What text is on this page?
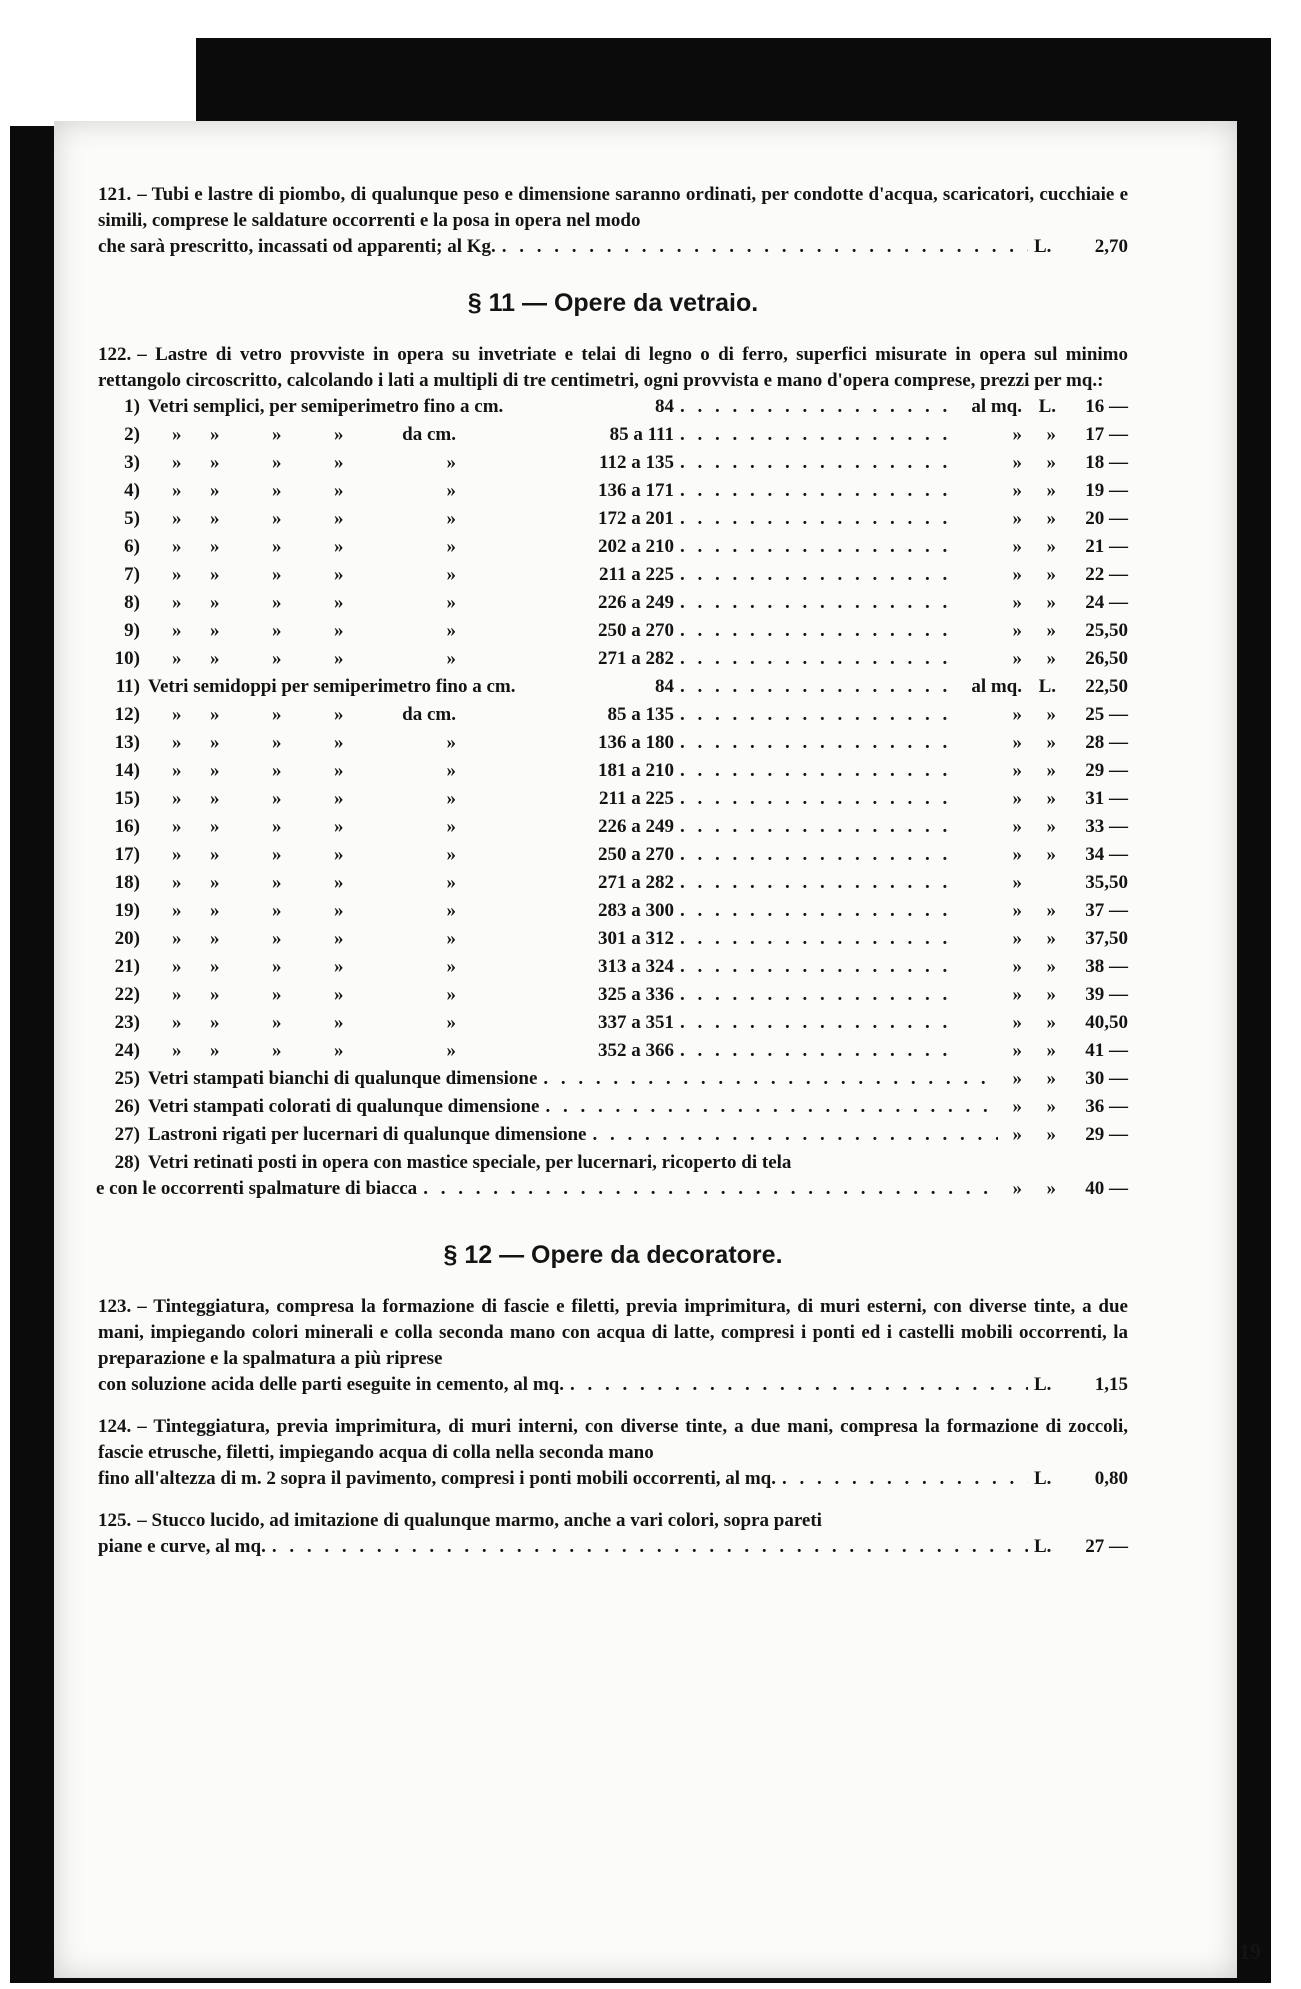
121. – Tubi e lastre di piombo, di qualunque peso e dimensione saranno ordinati, per condotte d'acqua, scaricatori, cucchiaie e simili, comprese le saldature occorrenti e la posa in opera nel modo
che sarà prescritto, incassati od apparenti; al Kg. . . .	L.	2,70
§ 11 — Opere da vetraio.
122. – Lastre di vetro provviste in opera su invetriate e telai di legno o di ferro, superfici misurate in opera sul minimo rettangolo circoscritto, calcolando i lati a multipli di tre centimetri, ogni provvista e mano d'opera comprese, prezzi per mq.:
1) Vetri semplici, per semiperimetro fino a cm.	84 . . .	al mq. L.	16 —
2)	» »	»	»	da cm.	85 a 111 . . .	»	»	17 —
3)	» »	»	»	»	112 a 135 . . .	»	»	18 —
4)	» »	»	»	»	136 a 171 . . .	»	»	19 —
5)	» »	»	»	»	172 a 201 . . .	»	»	20 —
6)	» »	»	»	»	202 a 210 . . .	»	»	21 —
7)	» »	»	»	»	211 a 225 . . .	»	»	22 —
8)	» »	»	»	»	226 a 249 . . .	»	»	24 —
9)	» »	»	»	»	250 a 270 . . .	»	»	25,50
10)	» »	»	»	»	271 a 282 . . .	»	»	26,50
11) Vetri semidoppi per semiperimetro fino a cm.	84 . . .	al mq. L.	22,50
12)	» »	»	»	da cm.	85 a 135 . . .	»	»	25 —
13)	» »	»	»	»	136 a 180 . . .	»	»	28 —
14)	» »	»	»	»	181 a 210 . . .	»	»	29 —
15)	» »	»	»	»	211 a 225 . . .	»	»	31 —
16)	» »	»	»	»	226 a 249 . . .	»	»	33 —
17)	» »	»	»	»	250 a 270 . . .	»	»	34 —
18)	» »	»	»	»	271 a 282 . . .	»	35,50
19)	» »	»	»	»	283 a 300 . . .	»	»	37 —
20)	» »	»	»	»	301 a 312 . . .	»	»	37,50
21)	» »	»	»	»	313 a 324 . . .	»	»	38 —
22)	» »	»	»	»	325 a 336 . . .	»	»	39 —
23)	» »	»	»	»	337 a 351 . . .	»	»	40,50
24)	» »	»	»	»	352 a 366 . . .	»	»	41 —
25) Vetri stampati bianchi di qualunque dimensione . . .	»	»	30 —
26) Vetri stampati colorati di qualunque dimensione . . .	»	»	36 —
27) Lastroni rigati per lucernari di qualunque dimensione . . .	»	»	29 —
28) Vetri retinati posti in opera con mastice speciale, per lucernari, ricoperto di tela
e con le occorrenti spalmature di biacca . . .	»	»	40 —
§ 12 — Opere da decoratore.
123. – Tinteggiatura, compresa la formazione di fascie e filetti, previa imprimitura, di muri esterni, con diverse tinte, a due mani, impiegando colori minerali e colla seconda mano con acqua di latte, compresi i ponti ed i castelli mobili occorrenti, la preparazione e la spalmatura a più riprese
con soluzione acida delle parti eseguite in cemento, al mq. . . .	L.	1,15
124. – Tinteggiatura, previa imprimitura, di muri interni, con diverse tinte, a due mani, compresa la formazione di zoccoli, fascie etrusche, filetti, impiegando acqua di colla nella seconda mano
fino all'altezza di m. 2 sopra il pavimento, compresi i ponti mobili occorrenti, al mq. . . .	L.	0,80
125. – Stucco lucido, ad imitazione di qualunque marmo, anche a vari colori, sopra pareti
piane e curve, al mq. . . .	L.	27 —
19
